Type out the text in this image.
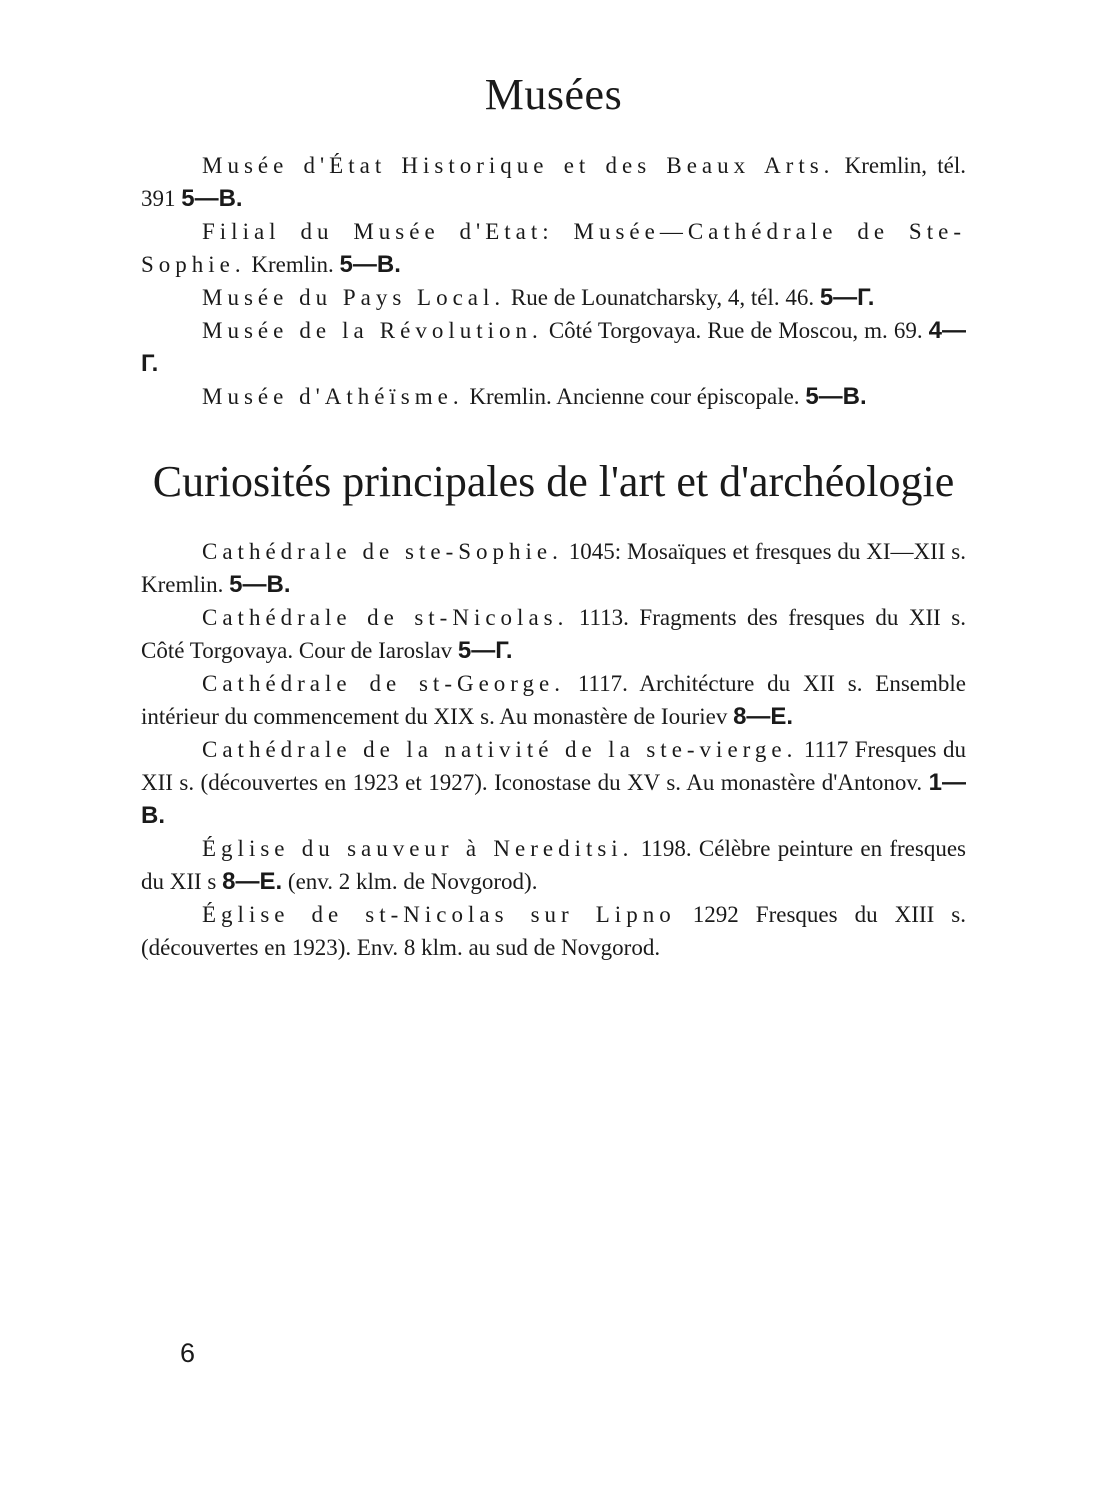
Musées

Musée d'État Historique et des Beaux Arts. Kremlin, tél. 391 5—B.

Filial du Musée d'Etat: Musée—Cathédrale de Ste-Sophie. Kremlin. 5—B.

Musée du Pays Local. Rue de Lounatcharsky, 4, tél. 46. 5—Г.

Musée de la Révolution. Côté Torgovaya. Rue de Moscou, m. 69. 4—Г.

Musée d'Athéïsme. Kremlin. Ancienne cour épiscopale. 5—B.

Curiosités principales de l'art et d'archéologie

Cathédrale de ste-Sophie. 1045: Mosaïques et fresques du XI—XII s. Kremlin. 5—B.

Cathédrale de st-Nicolas. 1113. Fragments des fresques du XII s. Côté Torgovaya. Cour de Iaroslav 5—Г.

Cathédrale de st-George. 1117. Architécture du XII s. Ensemble intérieur du commencement du XIX s. Au monastère de Iouriev 8—E.

Cathédrale de la nativité de la ste-vierge. 1117 Fresques du XII s. (découvertes en 1923 et 1927). Iconostase du XV s. Au monastère d'Antonov. 1—B.

Église du sauveur à Nereditsi. 1198. Célèbre peinture en fresques du XII s 8—E. (env. 2 klm. de Novgorod).

Église de st-Nicolas sur Lipno 1292 Fresques du XIII s. (découvertes en 1923). Env. 8 klm. au sud de Novgorod.

6
